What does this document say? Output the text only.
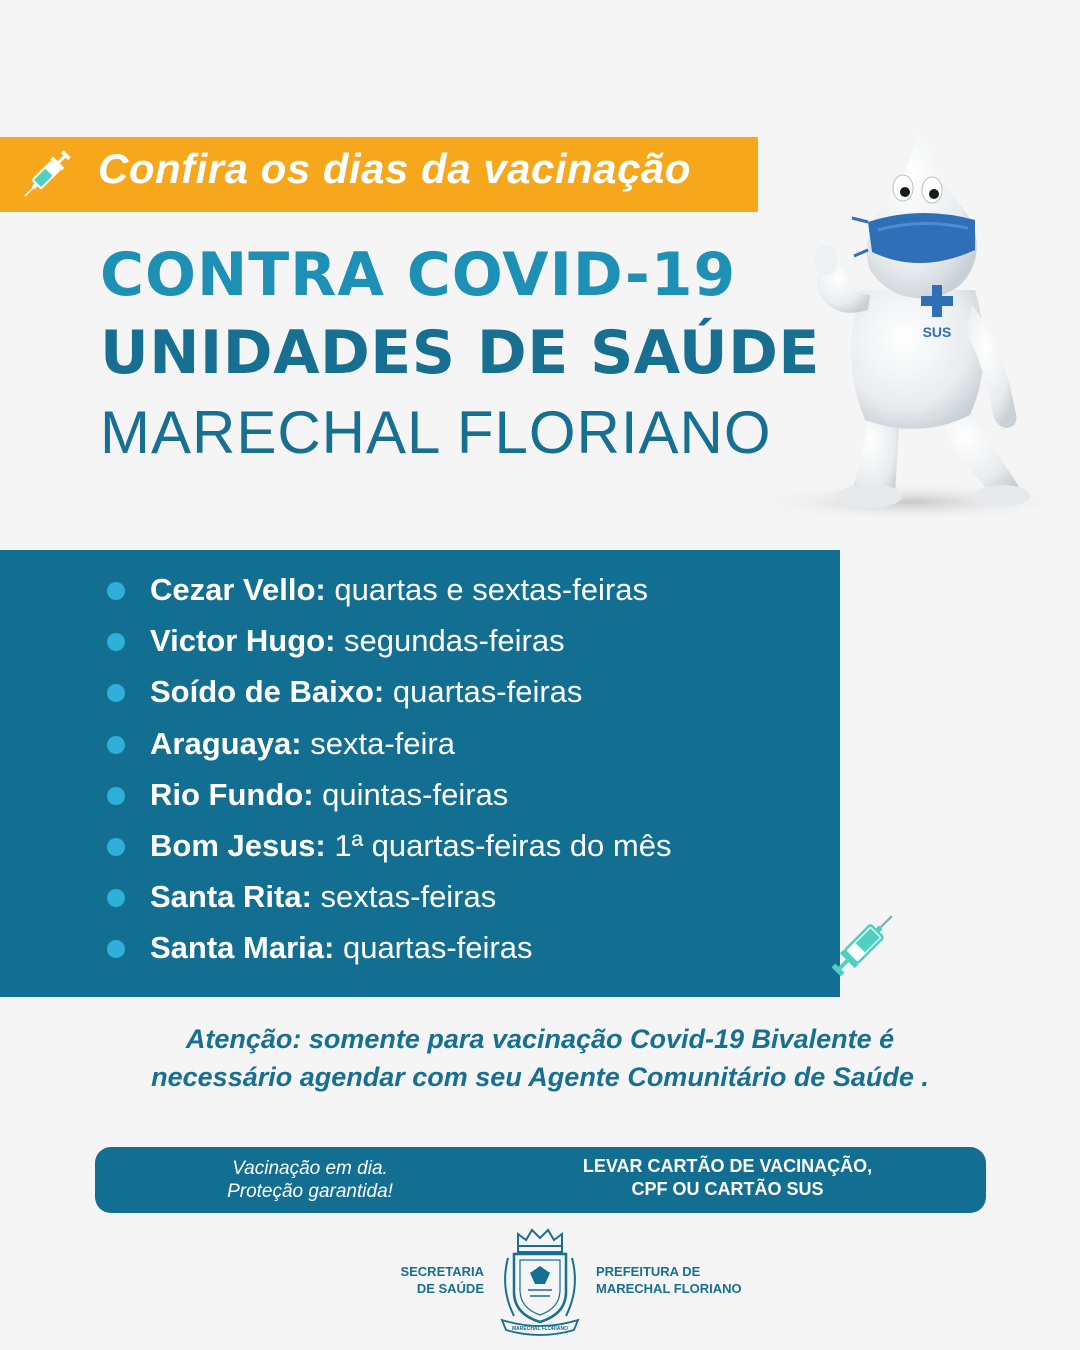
Confira os dias da vacinação
CONTRA COVID-19
UNIDADES DE SAÚDE
MARECHAL FLORIANO
SUS
Cezar Vello: quartas e sextas-feiras
Victor Hugo: segundas-feiras
Soído de Baixo: quartas-feiras
Araguaya: sexta-feira
Rio Fundo: quintas-feiras
Bom Jesus: 1ª quartas-feiras do mês
Santa Rita: sextas-feiras
Santa Maria: quartas-feiras
Atenção: somente para vacinação Covid-19 Bivalente é
necessário agendar com seu Agente Comunitário de Saúde .
Vacinação em dia.
Proteção garantida!
LEVAR CARTÃO DE VACINAÇÃO,
CPF OU CARTÃO SUS
SECRETARIA
DE SAÚDE
MARECHAL FLORIANO
PREFEITURA DE
MARECHAL FLORIANO
